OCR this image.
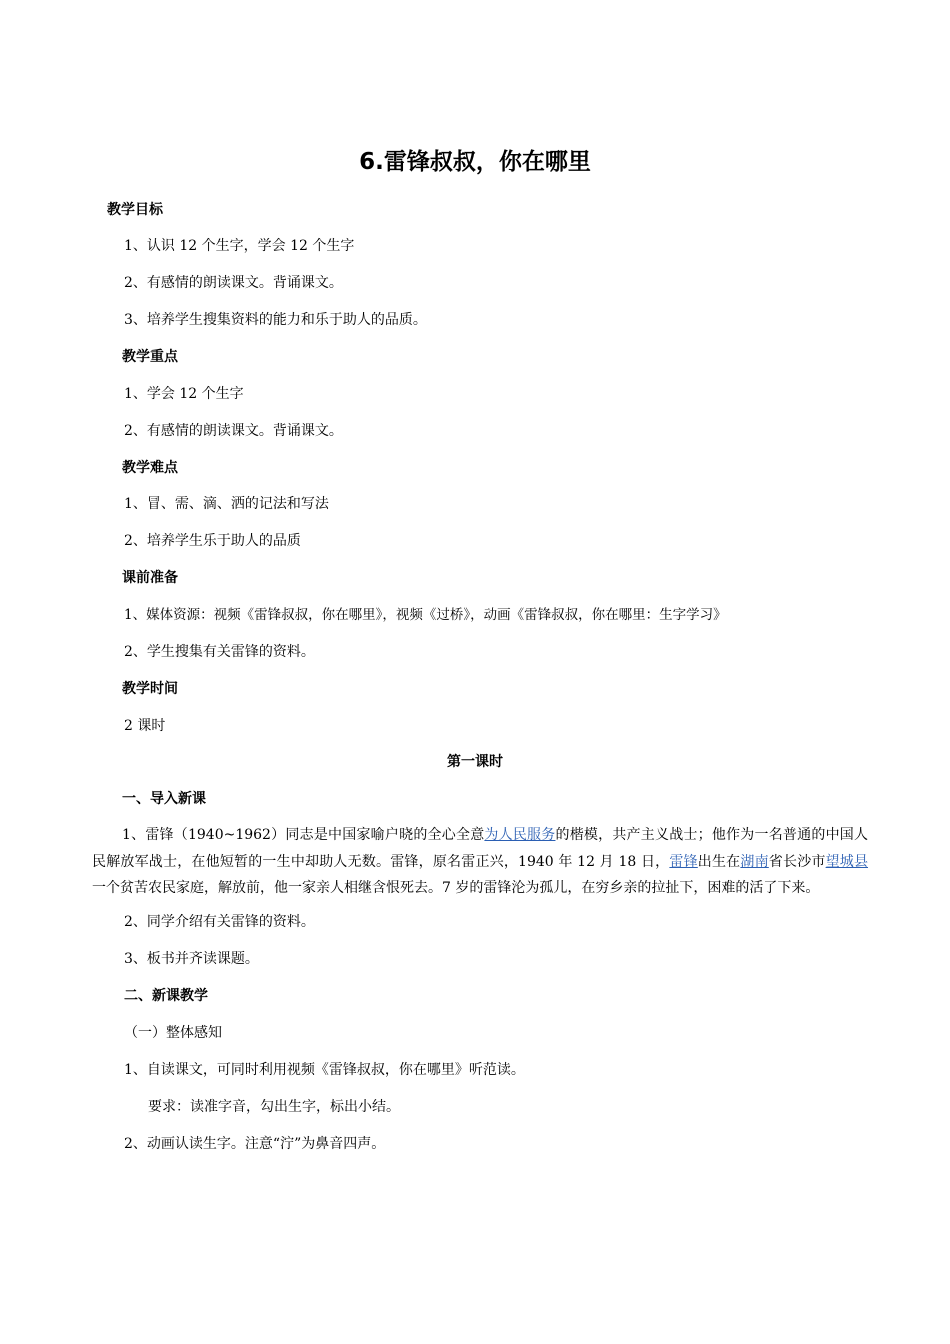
6.雷锋叔叔，你在哪里
教学目标
1、认识 12 个生字，学会 12 个生字
2、有感情的朗读课文。背诵课文。
3、培养学生搜集资料的能力和乐于助人的品质。
教学重点
1、学会 12 个生字
2、有感情的朗读课文。背诵课文。
教学难点
1、冒、需、滴、洒的记法和写法
2、培养学生乐于助人的品质
课前准备
1、媒体资源：视频《雷锋叔叔，你在哪里》，视频《过桥》，动画《雷锋叔叔，你在哪里：生字学习》
2、学生搜集有关雷锋的资料。
教学时间
2 课时
第一课时
一、导入新课
1、雷锋（1940~1962）同志是中国家喻户晓的全心全意为人民服务的楷模，共产主义战士；他作为一名普通的中国人民解放军战士，在他短暂的一生中却助人无数。雷锋，原名雷正兴，1940 年 12 月 18 日，雷锋出生在湖南省长沙市望城县一个贫苦农民家庭，解放前，他一家亲人相继含恨死去。7 岁的雷锋沦为孤儿，在穷乡亲的拉扯下，困难的活了下来。
2、同学介绍有关雷锋的资料。
3、板书并齐读课题。
二、新课教学
（一）整体感知
1、自读课文，可同时利用视频《雷锋叔叔，你在哪里》听范读。
要求：读准字音，勾出生字，标出小结。
2、动画认读生字。注意“泞”为鼻音四声。
